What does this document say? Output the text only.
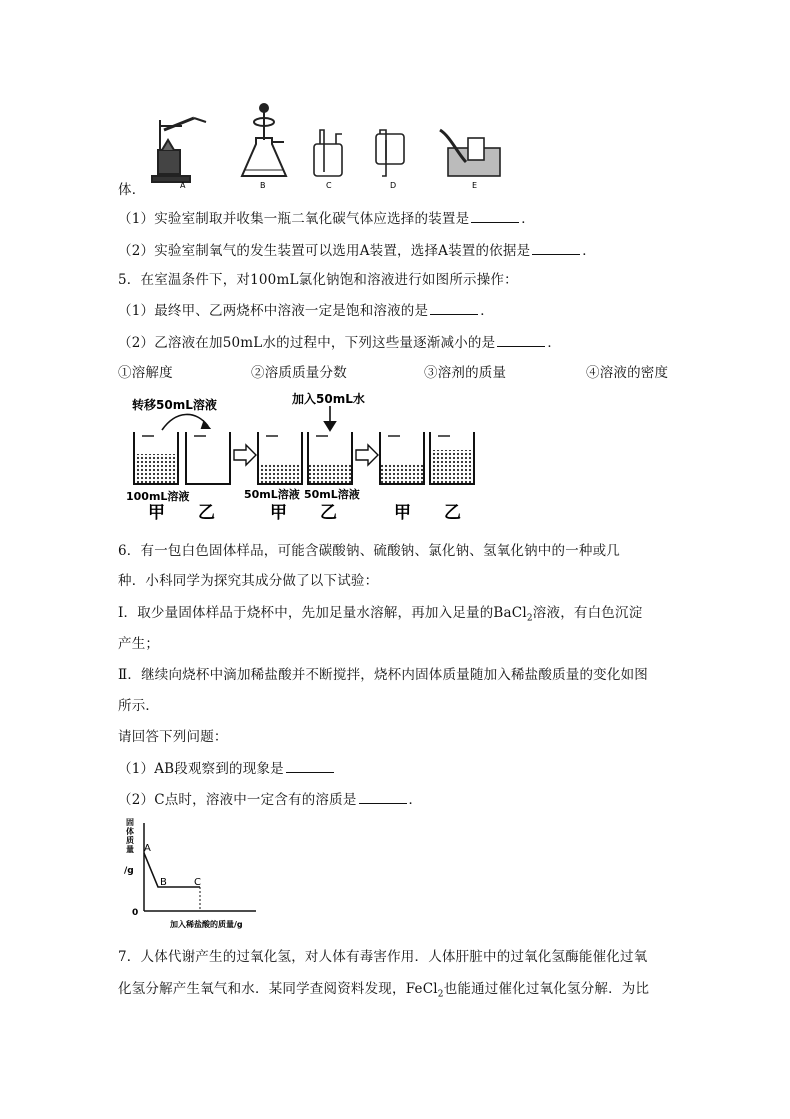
A	B	C	D	E
体．
（1）实验室制取并收集一瓶二氧化碳气体应选择的装置是	．
（2）实验室制氧气的发生装置可以选用A装置，选择A装置的依据是	．
5．在室温条件下，对100mL氯化钠饱和溶液进行如图所示操作：
（1）最终甲、乙两烧杯中溶液一定是饱和溶液的是	．
（2）乙溶液在加50mL水的过程中，下列这些量逐渐减小的是	．
①溶解度	②溶质质量分数	③溶剂的质量	④溶液的密度
转移50mL溶液	加入50mL水
100mL溶液	50mL溶液 50mL溶液
甲 乙	甲 乙	甲 乙
6．有一包白色固体样品，可能含碳酸钠、硫酸钠、氯化钠、氢氧化钠中的一种或几
种．小科同学为探究其成分做了以下试验：
Ⅰ．取少量固体样品于烧杯中，先加足量水溶解，再加入足量的BaCl$_2$溶液，有白色沉淀
产生；
Ⅱ．继续向烧杯中滴加稀盐酸并不断搅拌，烧杯内固体质量随加入稀盐酸质量的变化如图
所示．
请回答下列问题：
（1）AB段观察到的现象是
（2）C点时，溶液中一定含有的溶质是	．
固
体
质
量
/g
0
A
B	C
加入稀盐酸的质量/g
7．人体代谢产生的过氧化氢，对人体有毒害作用．人体肝脏中的过氧化氢酶能催化过氧
化氢分解产生氧气和水．某同学查阅资料发现，FeCl$_2$也能通过催化过氧化氢分解．为比
